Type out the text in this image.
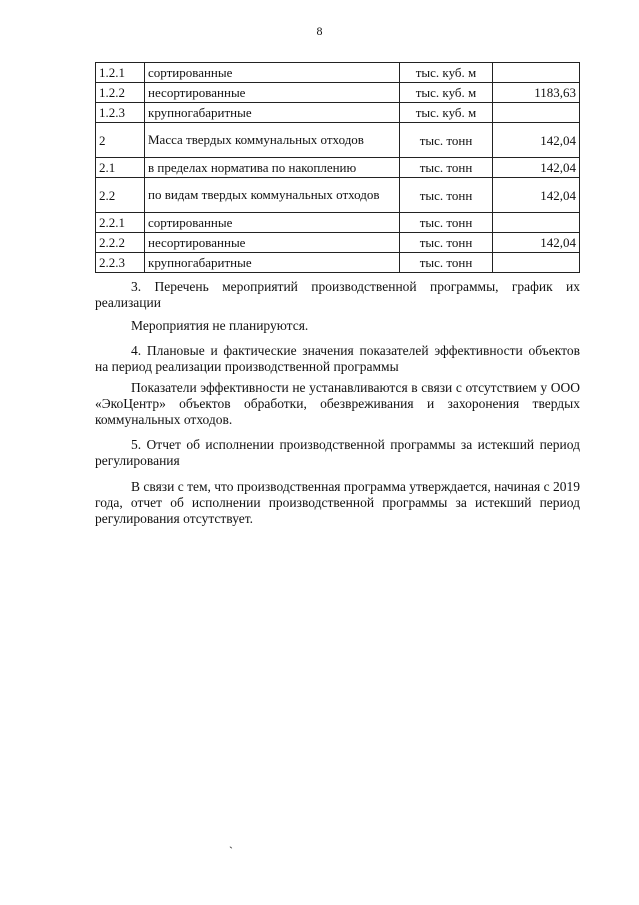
8
1.2.1	сортированные	тыс. куб. м	
1.2.2	несортированные	тыс. куб. м	1183,63
1.2.3	крупногабаритные	тыс. куб. м	
2	Масса твердых коммунальных отходов	тыс. тонн	142,04
2.1	в пределах норматива по накоплению	тыс. тонн	142,04
2.2	по видам твердых коммунальных отходов	тыс. тонн	142,04
2.2.1	сортированные	тыс. тонн	
2.2.2	несортированные	тыс. тонн	142,04
2.2.3	крупногабаритные	тыс. тонн	
3. Перечень мероприятий производственной программы, график их реализации
Мероприятия не планируются.
4. Плановые и фактические значения показателей эффективности объектов на период реализации производственной программы
Показатели эффективности не устанавливаются в связи с отсутствием у ООО «ЭкоЦентр» объектов обработки, обезвреживания и захоронения твердых коммунальных отходов.
5. Отчет об исполнении производственной программы за истекший период регулирования
В связи с тем, что производственная программа утверждается, начиная с 2019 года, отчет об исполнении производственной программы за истекший период регулирования отсутствует.
`
